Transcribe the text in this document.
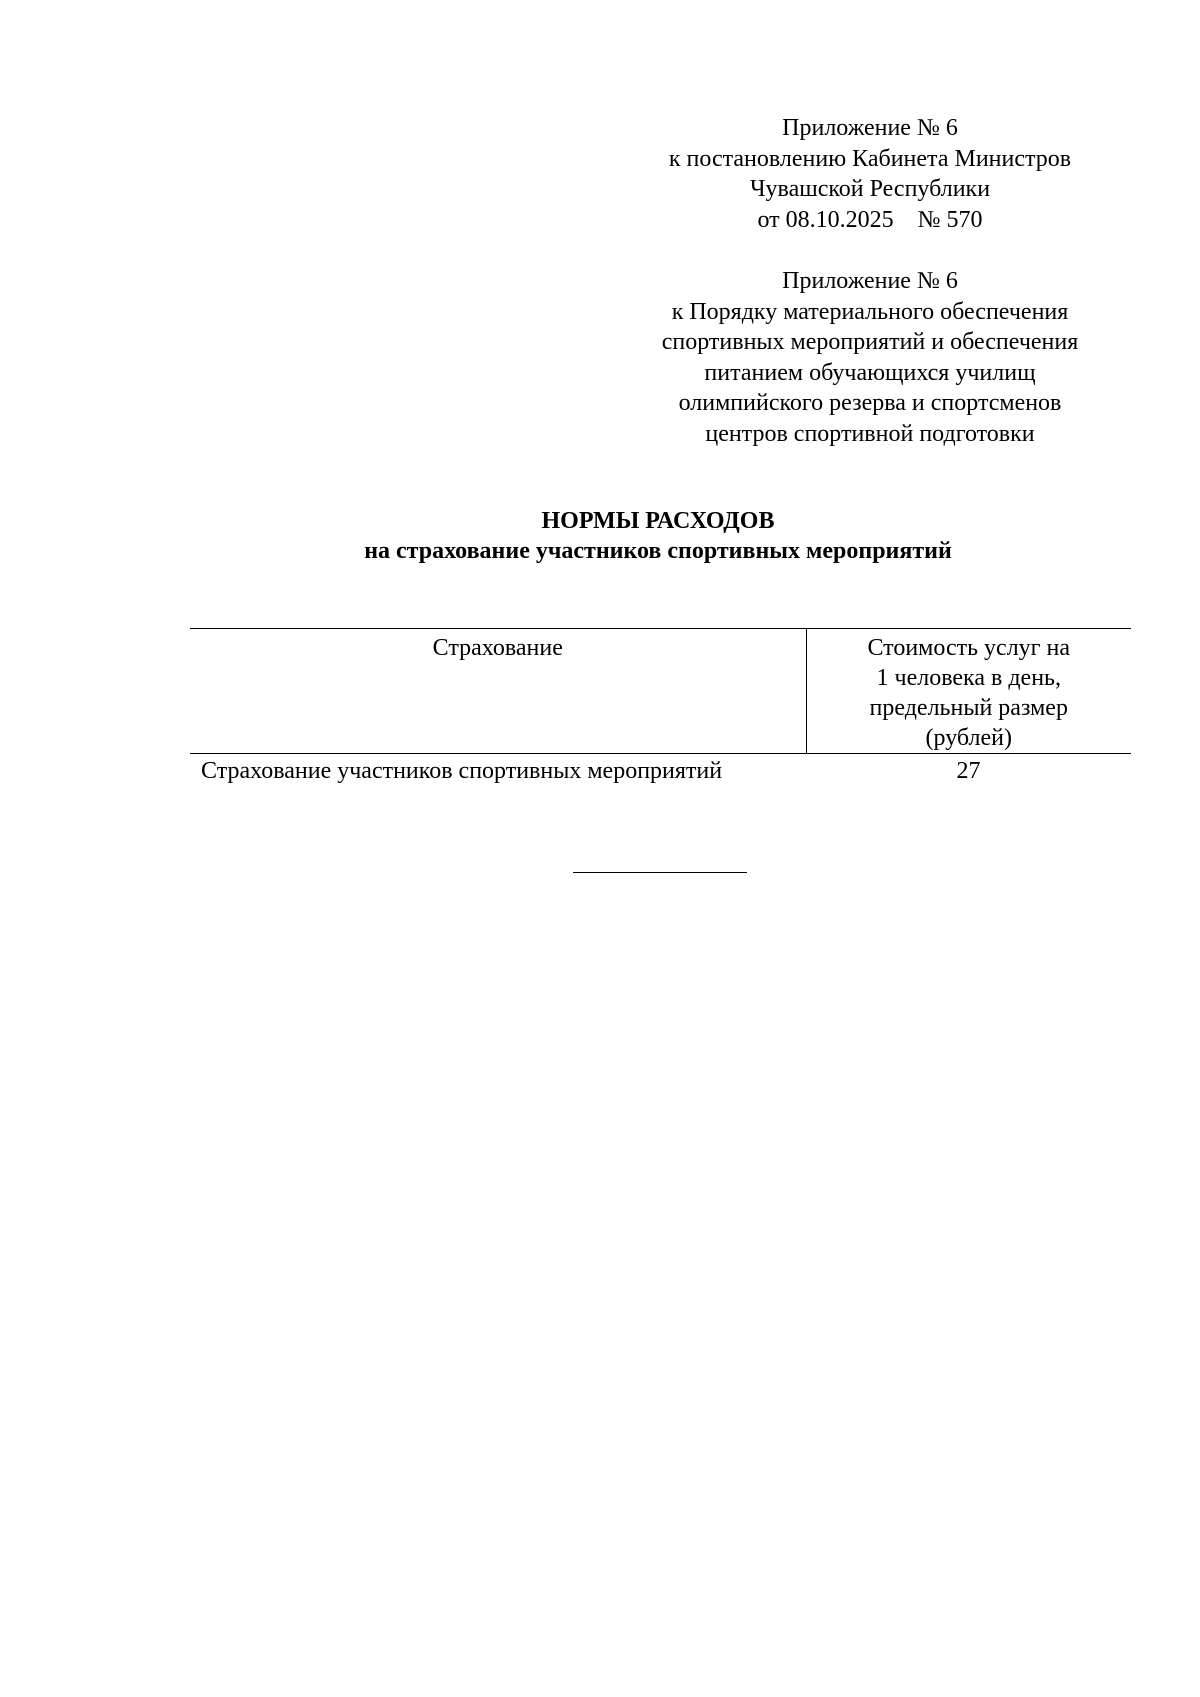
Приложение № 6
к постановлению Кабинета Министров
Чувашской Республики
от 08.10.2025    № 570
Приложение № 6
к Порядку материального обеспечения
спортивных мероприятий и обеспечения
питанием обучающихся училищ
олимпийского резерва и спортсменов
центров спортивной подготовки
НОРМЫ РАСХОДОВ
на страхование участников спортивных мероприятий
Страхование	Стоимость услуг на
1 человека в день,
предельный размер
(рублей)

Страхование участников спортивных мероприятий	27
